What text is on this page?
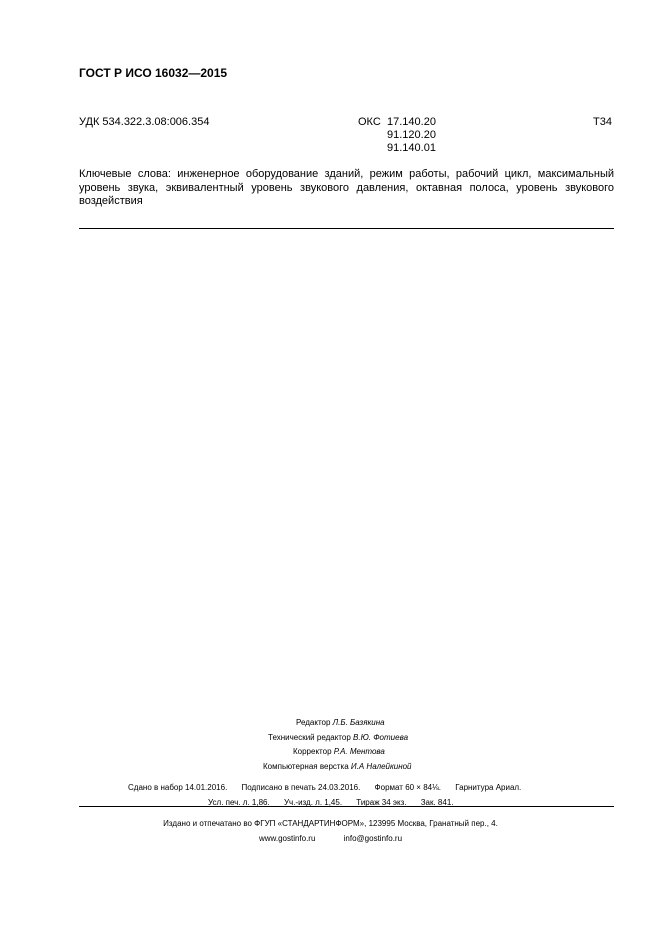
ГОСТ Р ИСО 16032—2015
УДК 534.322.3.08:006.354	ОКС 17.140.20
91.120.20
91.140.01
Т34
Ключевые слова: инженерное оборудование зданий, режим работы, рабочий цикл, максимальный
уровень звука, эквивалентный уровень звукового давления, октавная полоса, уровень звукового
воздействия
Редактор Л.Б. Базякина
Технический редактор В.Ю. Фотиева
Корректор Р.А. Ментова
Компьютерная верстка И.А Налейкиной
Сдано в набор 14.01.2016. Подписано в печать 24.03.2016. Формат 60 × 84⅛. Гарнитура Ариал.
Усл. печ. л. 1,86. Уч.-изд. л. 1,45. Тираж 34 экз. Зак. 841.
Издано и отпечатано во ФГУП «СТАНДАРТИНФОРМ», 123995 Москва, Гранатный пер., 4.
www.gostinfo.ru	info@gostinfo.ru
